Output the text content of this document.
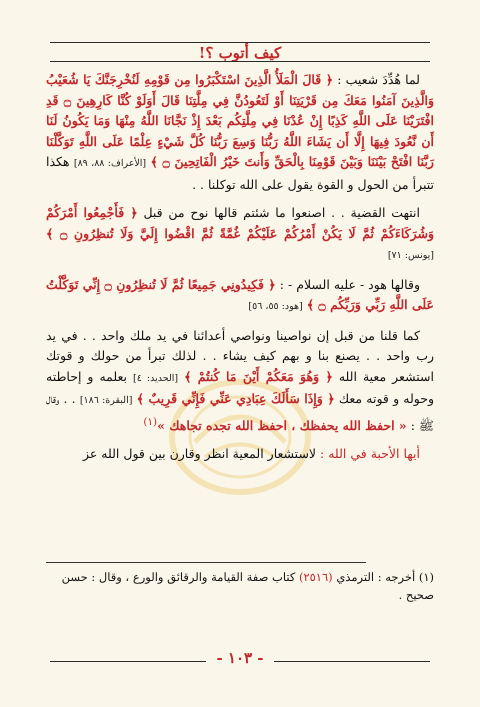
كيف أتوب ؟!

لما هُدِّدَ شعيب : ﴿ قَالَ الْمَلَأُ الَّذِينَ اسْتَكْبَرُوا مِن قَوْمِهِ لَنُخْرِجَنَّكَ يَا شُعَيْبُ وَالَّذِينَ آمَنُوا مَعَكَ مِن قَرْيَتِنَا أَوْ لَتَعُودُنَّ فِي مِلَّتِنَا قَالَ أَوَلَوْ كُنَّا كَارِهِينَ ۝ قَدِ افْتَرَيْنَا عَلَى اللَّهِ كَذِبًا إِنْ عُدْنَا فِي مِلَّتِكُم بَعْدَ إِذْ نَجَّانَا اللَّهُ مِنْهَا وَمَا يَكُونُ لَنَا أَن نَّعُودَ فِيهَا إِلَّا أَن يَشَاءَ اللَّهُ رَبُّنَا وَسِعَ رَبُّنَا كُلَّ شَيْءٍ عِلْمًا عَلَى اللَّهِ تَوَكَّلْنَا رَبَّنَا افْتَحْ بَيْنَنَا وَبَيْنَ قَوْمِنَا بِالْحَقِّ وَأَنتَ خَيْرُ الْفَاتِحِينَ ۝ ﴾ [الأعراف: ٨٨، ٨٩] هكذا تتبرأ من الحول و القوة يقول على الله توكلنا . .

انتهت القضية . . اصنعوا ما شئتم قالها نوح من قبل ﴿ فَأَجْمِعُوا أَمْرَكُمْ وَشُرَكَاءَكُمْ ثُمَّ لَا يَكُنْ أَمْرُكُمْ عَلَيْكُمْ غُمَّةً ثُمَّ اقْضُوا إِلَيَّ وَلَا تُنظِرُونِ ۝ ﴾ [يونس: ٧١]

وقالها هود - عليه السلام - : ﴿ فَكِيدُونِي جَمِيعًا ثُمَّ لَا تُنظِرُونِ ۝ إِنِّي تَوَكَّلْتُ عَلَى اللَّهِ رَبِّي وَرَبِّكُم ۝ ﴾ [هود: ٥٥، ٥٦]

كما قلنا من قبل إن نواصينا ونواصي أعدائنا في يد ملك واحد . . في يد رب واحد . . يصنع بنا و بهم كيف يشاء . . لذلك تبرأ من حولك و قوتك استشعر معية الله ﴿ وَهُوَ مَعَكُمْ أَيْنَ مَا كُنتُمْ ﴾ [الحديد: ٤] بعلمه و إحاطته وحوله و قوته معك ﴿ وَإِذَا سَأَلَكَ عِبَادِي عَنِّي فَإِنِّي قَرِيبٌ ﴾ [البقرة: ١٨٦] . . وقال ﷺ : « احفظ الله يحفظك ، احفظ الله تجده تجاهك »$^{(١)}$

أيها الأحبة في الله : لاستشعار المعية انظر وقارن بين قول الله عز

(١) أخرجه : الترمذي (٢٥١٦) كتاب صفة القيامة والرقائق والورع ، وقال : حسن صحيح .
- ١٠٣ -
